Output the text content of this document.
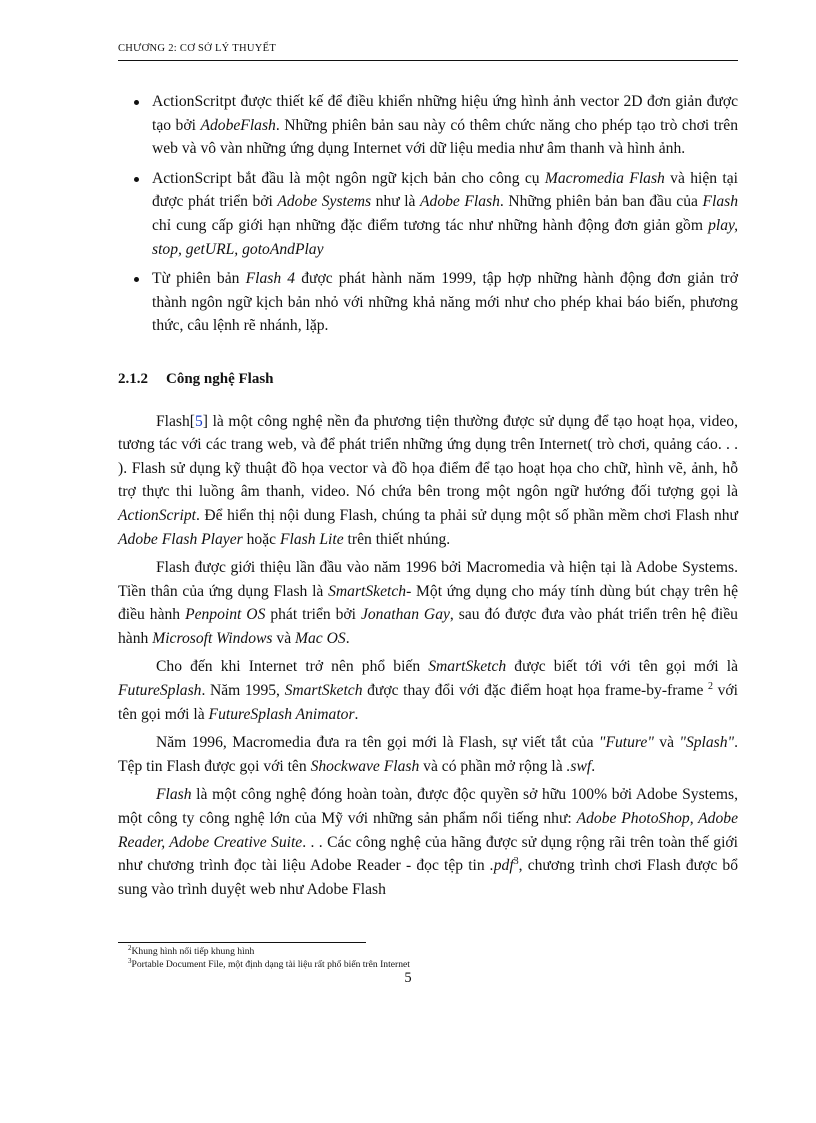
CHƯƠNG 2: CƠ SỞ LÝ THUYẾT
ActionScritpt được thiết kế để điều khiển những hiệu ứng hình ảnh vector 2D đơn giản được tạo bởi AdobeFlash. Những phiên bản sau này có thêm chức năng cho phép tạo trò chơi trên web và vô vàn những ứng dụng Internet với dữ liệu media như âm thanh và hình ảnh.
ActionScript bắt đầu là một ngôn ngữ kịch bản cho công cụ Macromedia Flash và hiện tại được phát triển bởi Adobe Systems như là Adobe Flash. Những phiên bản ban đầu của Flash chỉ cung cấp giới hạn những đặc điểm tương tác như những hành động đơn giản gồm play, stop, getURL, gotoAndPlay
Từ phiên bản Flash 4 được phát hành năm 1999, tập hợp những hành động đơn giản trở thành ngôn ngữ kịch bản nhỏ với những khả năng mới như cho phép khai báo biến, phương thức, câu lệnh rẽ nhánh, lặp.
2.1.2 Công nghệ Flash

Flash[5] là một công nghệ nền đa phương tiện thường được sử dụng để tạo hoạt họa, video, tương tác với các trang web, và để phát triển những ứng dụng trên Internet( trò chơi, quảng cáo. . . ). Flash sử dụng kỹ thuật đồ họa vector và đồ họa điểm để tạo hoạt họa cho chữ, hình vẽ, ảnh, hỗ trợ thực thi luồng âm thanh, video. Nó chứa bên trong một ngôn ngữ hướng đối tượng gọi là ActionScript. Để hiển thị nội dung Flash, chúng ta phải sử dụng một số phần mềm chơi Flash như Adobe Flash Player hoặc Flash Lite trên thiết nhúng.

Flash được giới thiệu lần đầu vào năm 1996 bởi Macromedia và hiện tại là Adobe Systems. Tiền thân của ứng dụng Flash là SmartSketch- Một ứng dụng cho máy tính dùng bút chạy trên hệ điều hành Penpoint OS phát triển bởi Jonathan Gay, sau đó được đưa vào phát triển trên hệ điều hành Microsoft Windows và Mac OS.

Cho đến khi Internet trở nên phổ biến SmartSketch được biết tới với tên gọi mới là FutureSplash. Năm 1995, SmartSketch được thay đổi với đặc điểm hoạt họa frame-by-frame $^2$ với tên gọi mới là FutureSplash Animator.

Năm 1996, Macromedia đưa ra tên gọi mới là Flash, sự viết tắt của "Future" và "Splash". Tệp tin Flash được gọi với tên Shockwave Flash và có phần mở rộng là .swf.

Flash là một công nghệ đóng hoàn toàn, được độc quyền sở hữu 100% bởi Adobe Systems, một công ty công nghệ lớn của Mỹ với những sản phẩm nổi tiếng như: Adobe PhotoShop, Adobe Reader, Adobe Creative Suite. . . Các công nghệ của hãng được sử dụng rộng rãi trên toàn thế giới như chương trình đọc tài liệu Adobe Reader - đọc tệp tin .pdf$^3$, chương trình chơi Flash được bổ sung vào trình duyệt web như Adobe Flash

$^2$Khung hình nối tiếp khung hình
$^3$Portable Document File, một định dạng tài liệu rất phổ biến trên Internet
5
